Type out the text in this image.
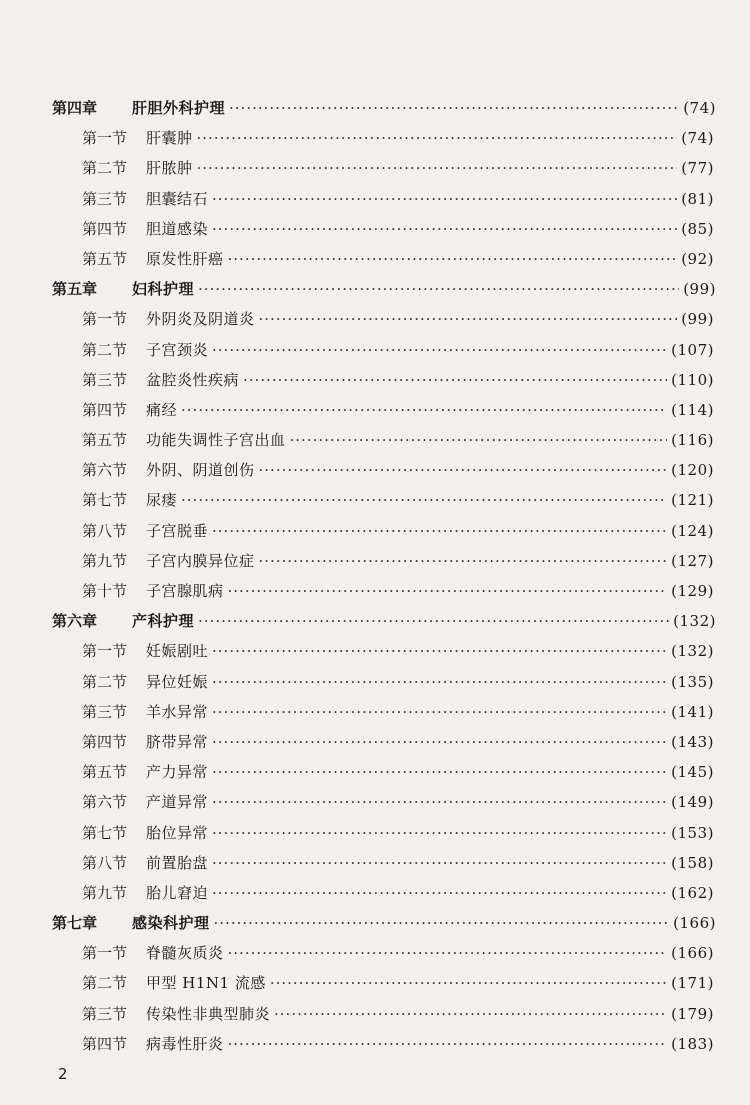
第四章	肝胆外科护理 ·····	(74)
第一节	肝囊肿 ·····	(74)
第二节	肝脓肿 ·····	(77)
第三节	胆囊结石 ·····	(81)
第四节	胆道感染 ·····	(85)
第五节	原发性肝癌 ·····	(92)
第五章	妇科护理 ·····	(99)
第一节	外阴炎及阴道炎 ·····	(99)
第二节	子宫颈炎 ·····	(107)
第三节	盆腔炎性疾病 ·····	(110)
第四节	痛经 ·····	(114)
第五节	功能失调性子宫出血 ·····	(116)
第六节	外阴、阴道创伤 ·····	(120)
第七节	尿瘘 ·····	(121)
第八节	子宫脱垂 ·····	(124)
第九节	子宫内膜异位症 ·····	(127)
第十节	子宫腺肌病 ·····	(129)
第六章	产科护理 ·····	(132)
第一节	妊娠剧吐 ·····	(132)
第二节	异位妊娠 ·····	(135)
第三节	羊水异常 ·····	(141)
第四节	脐带异常 ·····	(143)
第五节	产力异常 ·····	(145)
第六节	产道异常 ·····	(149)
第七节	胎位异常 ·····	(153)
第八节	前置胎盘 ·····	(158)
第九节	胎儿窘迫 ·····	(162)
第七章	感染科护理 ·····	(166)
第一节	脊髓灰质炎 ·····	(166)
第二节	甲型 H1N1 流感 ·····	(171)
第三节	传染性非典型肺炎 ·····	(179)
第四节	病毒性肝炎 ·····	(183)
2
